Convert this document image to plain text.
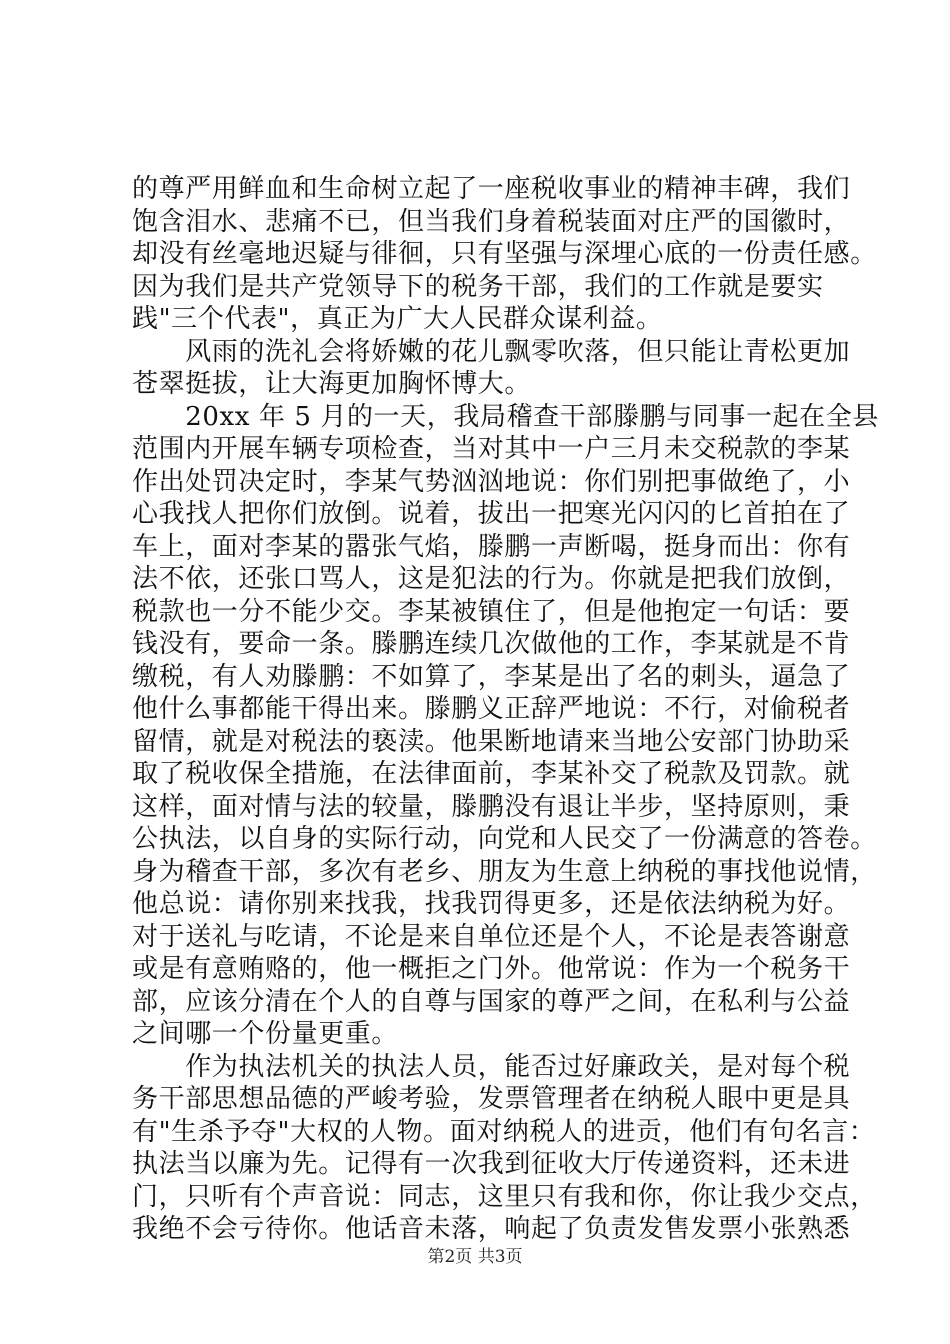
的尊严用鲜血和生命树立起了一座税收事业的精神丰碑，我们
饱含泪水、悲痛不已，但当我们身着税装面对庄严的国徽时，
却没有丝毫地迟疑与徘徊，只有坚强与深埋心底的一份责任感。
因为我们是共产党领导下的税务干部，我们的工作就是要实
践"三个代表"，真正为广大人民群众谋利益。
　　风雨的洗礼会将娇嫩的花儿飘零吹落，但只能让青松更加
苍翠挺拔，让大海更加胸怀博大。
　　20xx 年 5 月的一天，我局稽查干部滕鹏与同事一起在全县
范围内开展车辆专项检查，当对其中一户三月未交税款的李某
作出处罚决定时，李某气势汹汹地说：你们别把事做绝了，小
心我找人把你们放倒。说着，拔出一把寒光闪闪的匕首拍在了
车上，面对李某的嚣张气焰，滕鹏一声断喝，挺身而出：你有
法不依，还张口骂人，这是犯法的行为。你就是把我们放倒，
税款也一分不能少交。李某被镇住了，但是他抱定一句话：要
钱没有，要命一条。滕鹏连续几次做他的工作，李某就是不肯
缴税，有人劝滕鹏：不如算了，李某是出了名的刺头，逼急了
他什么事都能干得出来。滕鹏义正辞严地说：不行，对偷税者
留情，就是对税法的亵渎。他果断地请来当地公安部门协助采
取了税收保全措施，在法律面前，李某补交了税款及罚款。就
这样，面对情与法的较量，滕鹏没有退让半步，坚持原则，秉
公执法，以自身的实际行动，向党和人民交了一份满意的答卷。
身为稽查干部，多次有老乡、朋友为生意上纳税的事找他说情，
他总说：请你别来找我，找我罚得更多，还是依法纳税为好。
对于送礼与吃请，不论是来自单位还是个人，不论是表答谢意
或是有意贿赂的，他一概拒之门外。他常说：作为一个税务干
部，应该分清在个人的自尊与国家的尊严之间，在私利与公益
之间哪一个份量更重。
　　作为执法机关的执法人员，能否过好廉政关，是对每个税
务干部思想品德的严峻考验，发票管理者在纳税人眼中更是具
有"生杀予夺"大权的人物。面对纳税人的进贡，他们有句名言：
执法当以廉为先。记得有一次我到征收大厅传递资料，还未进
门，只听有个声音说：同志，这里只有我和你，你让我少交点，
我绝不会亏待你。他话音未落，响起了负责发售发票小张熟悉
第2页 共3页
